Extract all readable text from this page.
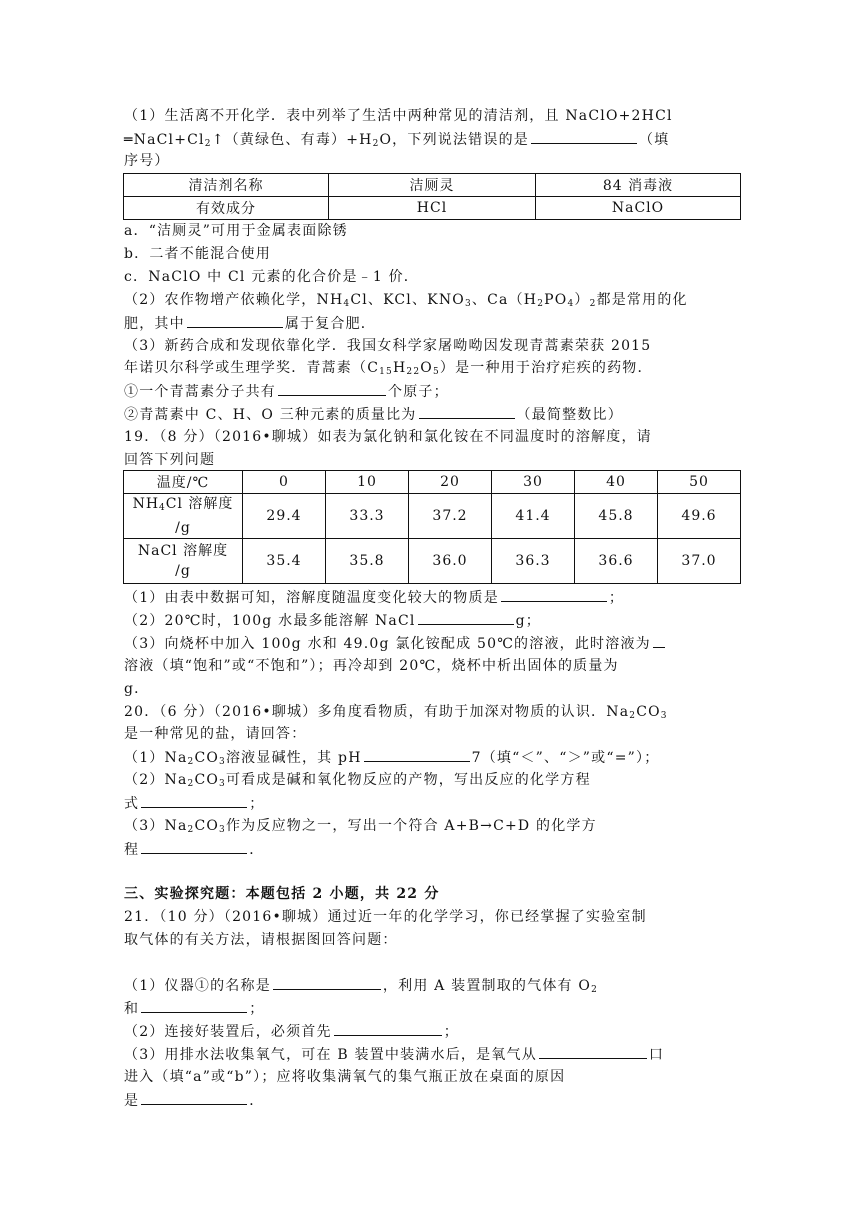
（1）生活离不开化学．表中列举了生活中两种常见的清洁剂，且 NaClO+2HCl
$═NaCl+Cl_2↑$（黄绿色、有毒）$+H_2O$，下列说法错误的是	（填
序号）
清洁剂名称	洁厕灵	84 消毒液
有效成分	HCl	NaClO
a．“洁厕灵”可用于金属表面除锈
b．二者不能混合使用
c．NaClO 中 Cl 元素的化合价是﹣1 价．
（2）农作物增产依赖化学，$NH_4Cl$、KCl、$KNO_3$、$Ca(H_2PO_4)_2$都是常用的化
肥，其中	属于复合肥．
（3）新药合成和发现依靠化学．我国女科学家屠呦呦因发现青蒿素荣获 2015
年诺贝尔科学或生理学奖．青蒿素$(C_{15}H_{22}O_5)$是一种用于治疗疟疾的药物．
①一个青蒿素分子共有	个原子；
②青蒿素中 C、H、O 三种元素的质量比为	（最简整数比）
19．（8 分）（2016•聊城）如表为氯化钠和氯化铵在不同温度时的溶解度，请
回答下列问题
温度/℃	0	10	20	30	40	50
$NH_4Cl$ 溶解度
/g	29.4	33.3	37.2	41.4	45.8	49.6
NaCl 溶解度
/g	35.4	35.8	36.0	36.3	36.6	37.0
（1）由表中数据可知，溶解度随温度变化较大的物质是	；
（2）20℃时，100g 水最多能溶解 NaCl	g；
（3）向烧杯中加入 100g 水和 49.0g 氯化铵配成 50℃的溶液，此时溶液为
溶液（填“饱和”或“不饱和”）；再冷却到 20℃，烧杯中析出固体的质量为
g．
20．（6 分）（2016•聊城）多角度看物质，有助于加深对物质的认识．$Na_2CO_3$
是一种常见的盐，请回答：
$(1)Na_2CO_3$溶液显碱性，其 pH	7（填“＜”、“＞”或“=”）；
$(2)Na_2CO_3$可看成是碱和氧化物反应的产物，写出反应的化学方程
式	；
$(3)Na_2CO_3$作为反应物之一，写出一个符合 A+B→C+D 的化学方
程	．
三、实验探究题：本题包括 2 小题，共 22 分
21．（10 分）（2016•聊城）通过近一年的化学学习，你已经掌握了实验室制
取气体的有关方法，请根据图回答问题：
（1）仪器①的名称是	，利用 A 装置制取的气体有 $O_2$
和	；
（2）连接好装置后，必须首先	；
（3）用排水法收集氧气，可在 B 装置中装满水后，是氧气从	口
进入（填“a”或“b”）；应将收集满氧气的集气瓶正放在桌面的原因
是	．
